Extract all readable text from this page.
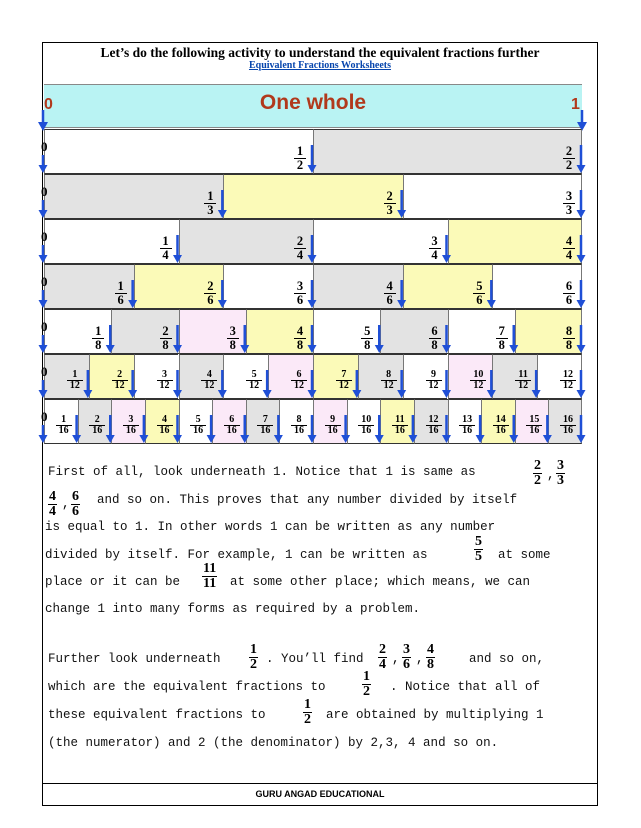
Let’s do the following activity to understand the equivalent fractions further
Equivalent Fractions Worksheets
One whole
0	1
$\frac{1}{2}$	$\frac{2}{2}$
0
$\frac{1}{3}$	$\frac{2}{3}$	$\frac{3}{3}$
0
$\frac{1}{4}$	$\frac{2}{4}$	$\frac{3}{4}$	$\frac{4}{4}$
0
$\frac{1}{6}$	$\frac{2}{6}$	$\frac{3}{6}$	$\frac{4}{6}$	$\frac{5}{6}$	$\frac{6}{6}$
0
$\frac{1}{8}$	$\frac{2}{8}$	$\frac{3}{8}$	$\frac{4}{8}$	$\frac{5}{8}$	$\frac{6}{8}$	$\frac{7}{8}$	$\frac{8}{8}$
0
$\frac{1}{12}$	$\frac{2}{12}$	$\frac{3}{12}$	$\frac{4}{12}$	$\frac{5}{12}$	$\frac{6}{12}$	$\frac{7}{12}$	$\frac{8}{12}$	$\frac{9}{12}$	$\frac{10}{12}$	$\frac{11}{12}$	$\frac{12}{12}$
0
$\frac{1}{16} \frac{2}{16} \frac{3}{16} \frac{4}{16} \frac{5}{16} \frac{6}{16} \frac{7}{16} \frac{8}{16} \frac{9}{16} \frac{10}{16} \frac{11}{16} \frac{12}{16} \frac{13}{16} \frac{14}{16} \frac{15}{16} \frac{16}{16}$
0
First of all, look underneath 1. Notice that 1 is same as	2
2 ,
3
3
4
4 , 6
6
and so on. This proves that any number divided by itself
is equal to 1. In other words 1 can be written as any number
divided by itself. For example, 1 can be written as
5
5 at some
place or it can be
11
11 at some other place; which means, we can
change 1 into many forms as required by a problem.
Further look underneath
1
2 . You’ll find
2
4 ,
3
6 ,
4
8	and so on,
which are the equivalent fractions to
1
2 . Notice that all of
these equivalent fractions to
1
2 are obtained by multiplying 1
(the numerator) and 2 (the denominator) by 2,3, 4 and so on.
GURU ANGAD EDUCATIONAL
